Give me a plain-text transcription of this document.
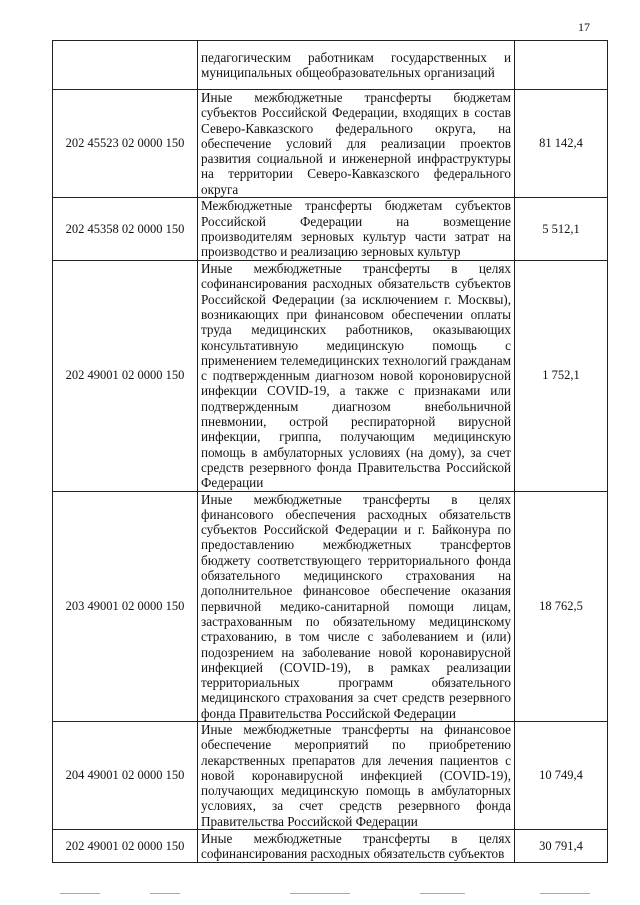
17
	педагогическим работникам государственных и муниципальных общеобразовательных организаций	
202 45523 02 0000 150	Иные межбюджетные трансферты бюджетам субъектов Российской Федерации, входящих в состав Северо-Кавказского федерального округа, на обеспечение условий для реализации проектов развития социальной и инженерной инфраструктуры на территории Северо-Кавказского федерального округа	81 142,4
202 45358 02 0000 150	Межбюджетные трансферты бюджетам субъектов Российской Федерации на возмещение производителям зерновых культур части затрат на производство и реализацию зерновых культур	5 512,1
202 49001 02 0000 150	Иные межбюджетные трансферты в целях софинансирования расходных обязательств субъектов Российской Федерации (за исключением г. Москвы), возникающих при финансовом обеспечении оплаты труда медицинских работников, оказывающих консультативную медицинскую помощь с применением телемедицинских технологий гражданам с подтвержденным диагнозом новой короновирусной инфекции COVID-19, а также с признаками или подтвержденным диагнозом внебольничной пневмонии, острой респираторной вирусной инфекции, гриппа, получающим медицинскую помощь в амбулаторных условиях (на дому), за счет средств резервного фонда Правительства Российской Федерации	1 752,1
203 49001 02 0000 150	Иные межбюджетные трансферты в целях финансового обеспечения расходных обязательств субъектов Российской Федерации и г. Байконура по предоставлению межбюджетных трансфертов бюджету соответствующего территориального фонда обязательного медицинского страхования на дополнительное финансовое обеспечение оказания первичной медико-санитарной помощи лицам, застрахованным по обязательному медицинскому страхованию, в том числе с заболеванием и (или) подозрением на заболевание новой коронавирусной инфекцией (COVID-19), в рамках реализации территориальных программ обязательного медицинского страхования за счет средств резервного фонда Правительства Российской Федерации	18 762,5
204 49001 02 0000 150	Иные межбюджетные трансферты на финансовое обеспечение мероприятий по приобретению лекарственных препаратов для лечения пациентов с новой коронавирусной инфекцией (COVID-19), получающих медицинскую помощь в амбулаторных условиях, за счет средств резервного фонда Правительства Российской Федерации	10 749,4
202 49001 02 0000 150	Иные межбюджетные трансферты в целях софинансирования расходных обязательств субъектов	30 791,4
